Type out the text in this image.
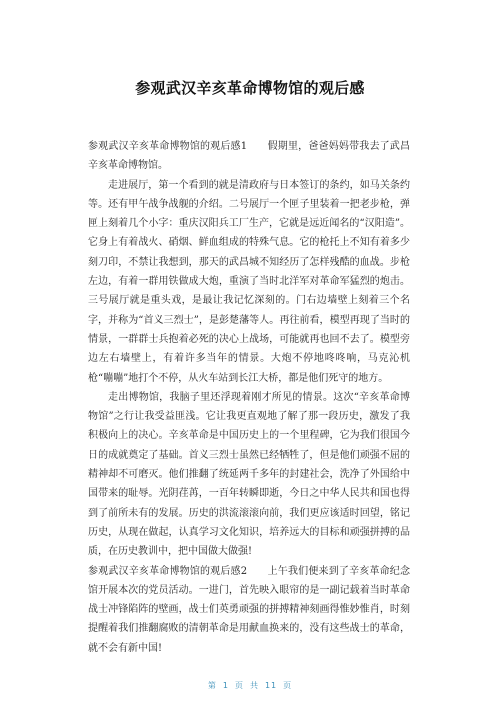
参观武汉辛亥革命博物馆的观后感

参观武汉辛亥革命博物馆的观后感1　　假期里，爸爸妈妈带我去了武昌辛亥革命博物馆。

走进展厅，第一个看到的就是清政府与日本签订的条约，如马关条约等。还有甲午战争战舰的介绍。二号展厅一个匣子里装着一把老步枪，弹匣上刻着几个小字：重庆汉阳兵工厂生产，它就是远近闻名的“汉阳造”。它身上有着战火、硝烟、鲜血组成的特殊气息。它的枪托上不知有着多少刻刀印，不禁让我想到，那天的武昌城不知经历了怎样残酷的血战。步枪左边，有着一群用铁做成大炮，重演了当时北洋军对革命军猛烈的炮击。三号展厅就是重头戏，是最让我记忆深刻的。门右边墙壁上刻着三个名字，并称为“首义三烈士”，是彭楚藩等人。再往前看，模型再现了当时的情景，一群群士兵抱着必死的决心上战场，可能就再也回不去了。模型旁边左右墙壁上，有着许多当年的情景。大炮不停地咚咚响，马克沁机枪“嘣嘣”地打个不停，从火车站到长江大桥，都是他们死守的地方。

走出博物馆，我脑子里还浮现着刚才所见的情景。这次“辛亥革命博物馆”之行让我受益匪浅。它让我更直观地了解了那一段历史，激发了我积极向上的决心。辛亥革命是中国历史上的一个里程碑，它为我们很国今日的成就奠定了基础。首义三烈士虽然已经牺牲了，但是他们顽强不屈的精神却不可磨灭。他们推翻了统延两千多年的封建社会，洗净了外国给中国带来的耻辱。光阴荏苒，一百年转瞬即逝，今日之中华人民共和国也得到了前所未有的发展。历史的洪流滚滚向前，我们更应该适时回望，铭记历史，从现在做起，认真学习文化知识，培养远大的目标和顽强拼搏的品质，在历史教训中，把中国做大做强!

参观武汉辛亥革命博物馆的观后感2　　上午我们便来到了辛亥革命纪念馆开展本次的党员活动。一进门，首先映入眼帘的是一副记载着当时革命战士冲锋陷阵的壁画，战士们英勇顽强的拼搏精神刻画得惟妙惟肖，时刻提醒着我们推翻腐败的清朝革命是用献血换来的，没有这些战士的革命，就不会有新中国!

第 1 页 共 11 页
